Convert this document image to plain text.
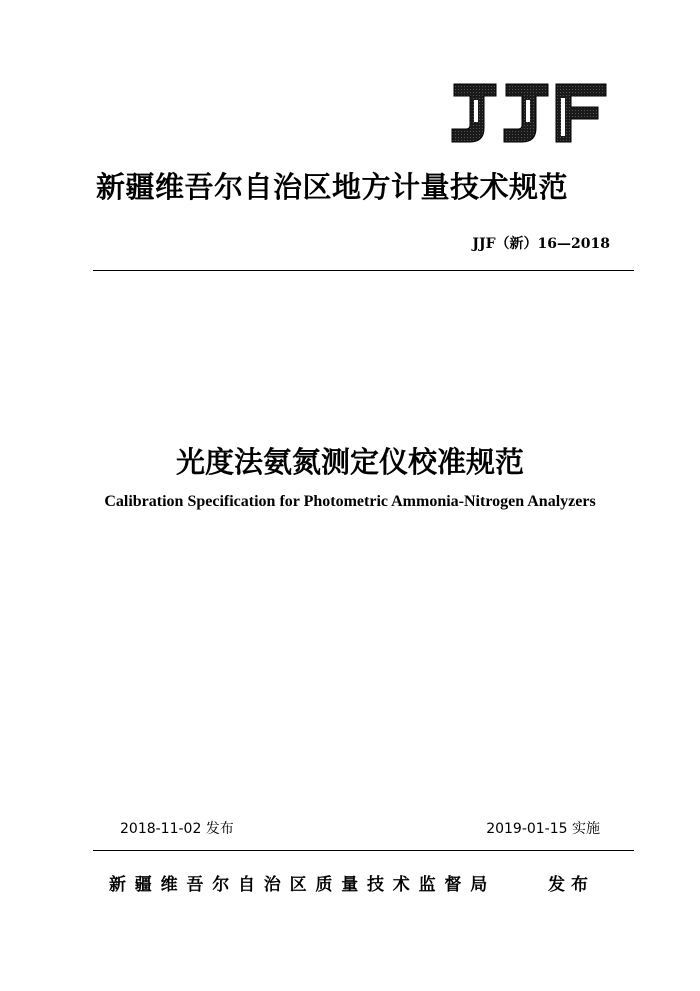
新疆维吾尔自治区地方计量技术规范
JJF（新）16—2018
光度法氨氮测定仪校准规范
Calibration Specification for Photometric Ammonia-Nitrogen Analyzers
2018-11-02 发布	2019-01-15 实施
新疆维吾尔自治区质量技术监督局	发布
